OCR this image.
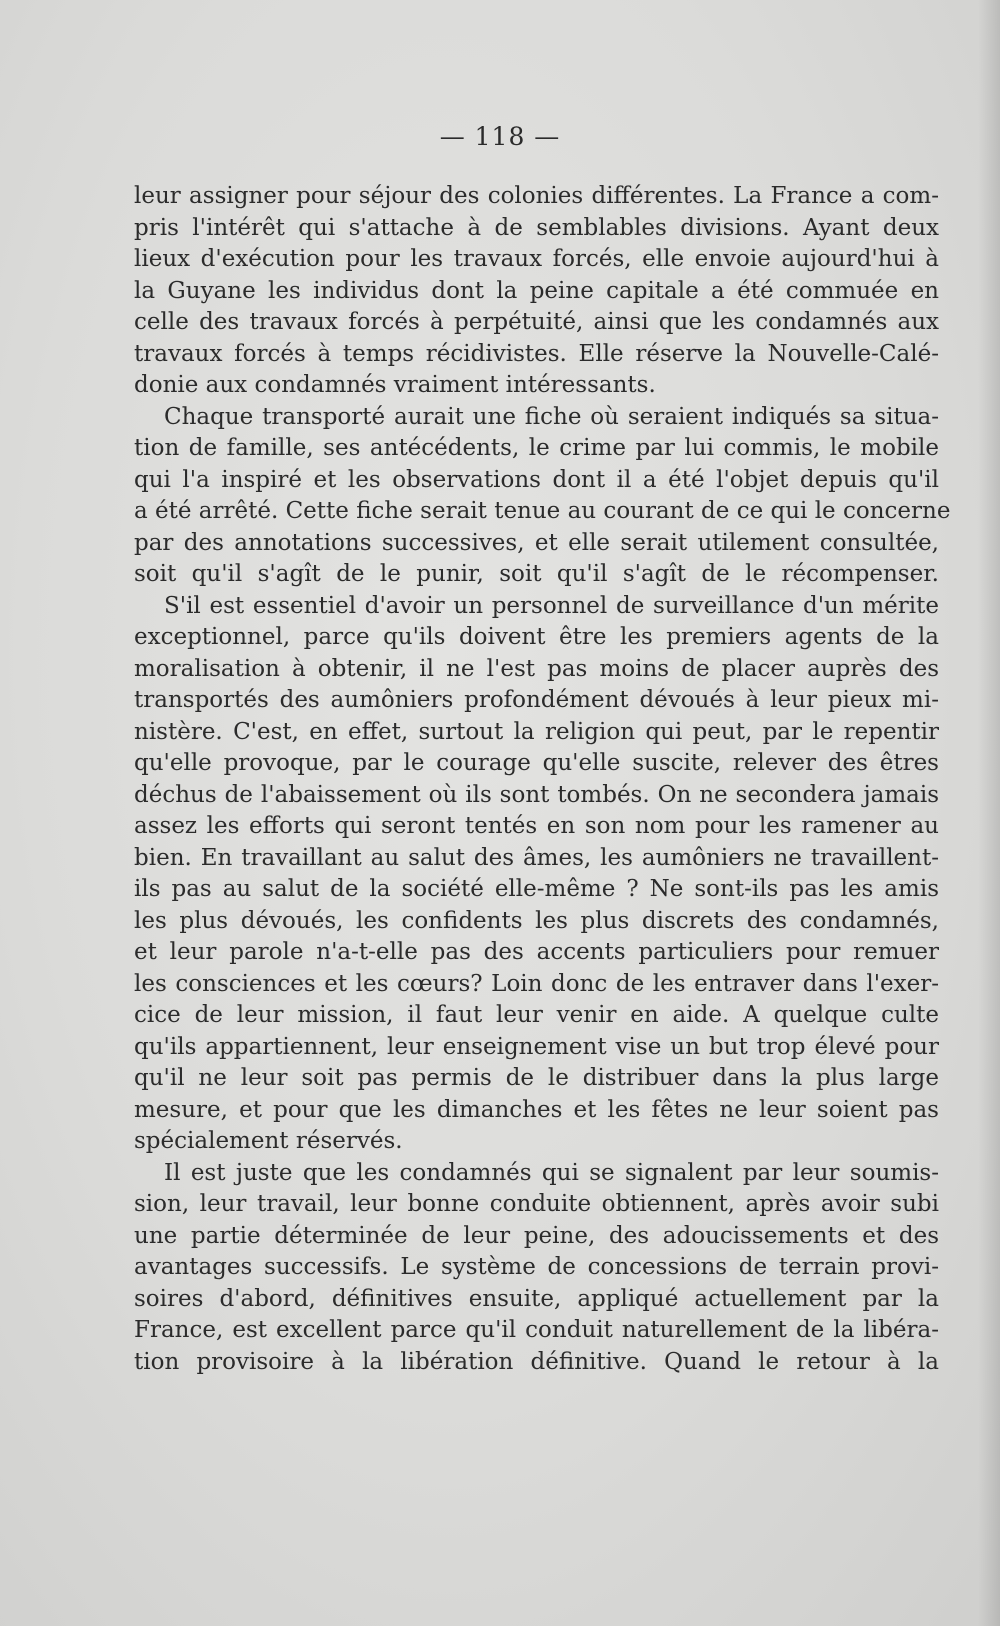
— 118 —
leur assigner pour séjour des colonies différentes. La France a com-
pris l'intérêt qui s'attache à de semblables divisions. Ayant deux
lieux d'exécution pour les travaux forcés, elle envoie aujourd'hui à
la Guyane les individus dont la peine capitale a été commuée en
celle des travaux forcés à perpétuité, ainsi que les condamnés aux
travaux forcés à temps récidivistes. Elle réserve la Nouvelle-Calé-
donie aux condamnés vraiment intéressants.
Chaque transporté aurait une fiche où seraient indiqués sa situa-
tion de famille, ses antécédents, le crime par lui commis, le mobile
qui l'a inspiré et les observations dont il a été l'objet depuis qu'il
a été arrêté. Cette fiche serait tenue au courant de ce qui le concerne
par des annotations successives, et elle serait utilement consultée,
soit qu'il s'agît de le punir, soit qu'il s'agît de le récompenser.
S'il est essentiel d'avoir un personnel de surveillance d'un mérite
exceptionnel, parce qu'ils doivent être les premiers agents de la
moralisation à obtenir, il ne l'est pas moins de placer auprès des
transportés des aumôniers profondément dévoués à leur pieux mi-
nistère. C'est, en effet, surtout la religion qui peut, par le repentir
qu'elle provoque, par le courage qu'elle suscite, relever des êtres
déchus de l'abaissement où ils sont tombés. On ne secondera jamais
assez les efforts qui seront tentés en son nom pour les ramener au
bien. En travaillant au salut des âmes, les aumôniers ne travaillent-
ils pas au salut de la société elle-même ? Ne sont-ils pas les amis
les plus dévoués, les confidents les plus discrets des condamnés,
et leur parole n'a-t-elle pas des accents particuliers pour remuer
les consciences et les cœurs? Loin donc de les entraver dans l'exer-
cice de leur mission, il faut leur venir en aide. A quelque culte
qu'ils appartiennent, leur enseignement vise un but trop élevé pour
qu'il ne leur soit pas permis de le distribuer dans la plus large
mesure, et pour que les dimanches et les fêtes ne leur soient pas
spécialement réservés.
Il est juste que les condamnés qui se signalent par leur soumis-
sion, leur travail, leur bonne conduite obtiennent, après avoir subi
une partie déterminée de leur peine, des adoucissements et des
avantages successifs. Le système de concessions de terrain provi-
soires d'abord, définitives ensuite, appliqué actuellement par la
France, est excellent parce qu'il conduit naturellement de la libéra-
tion provisoire à la libération définitive. Quand le retour à la
